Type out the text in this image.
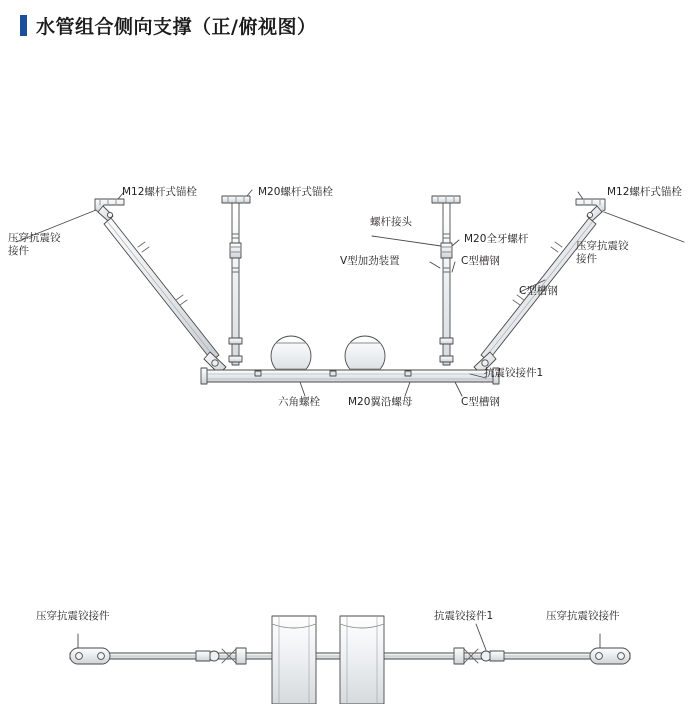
水管组合侧向支撑（正/俯视图）
M12螺杆式锚栓
压穿抗震铰接件
M20螺杆式锚栓
螺杆接头
M20全牙螺杆
V型加劲装置	C型槽钢
C型槽钢
M12螺杆式锚栓
压穿抗震铰接件
抗震铰接件1
六角螺栓	M20翼沿螺母	C型槽钢
压穿抗震铰接件	抗震铰接件1	压穿抗震铰接件
